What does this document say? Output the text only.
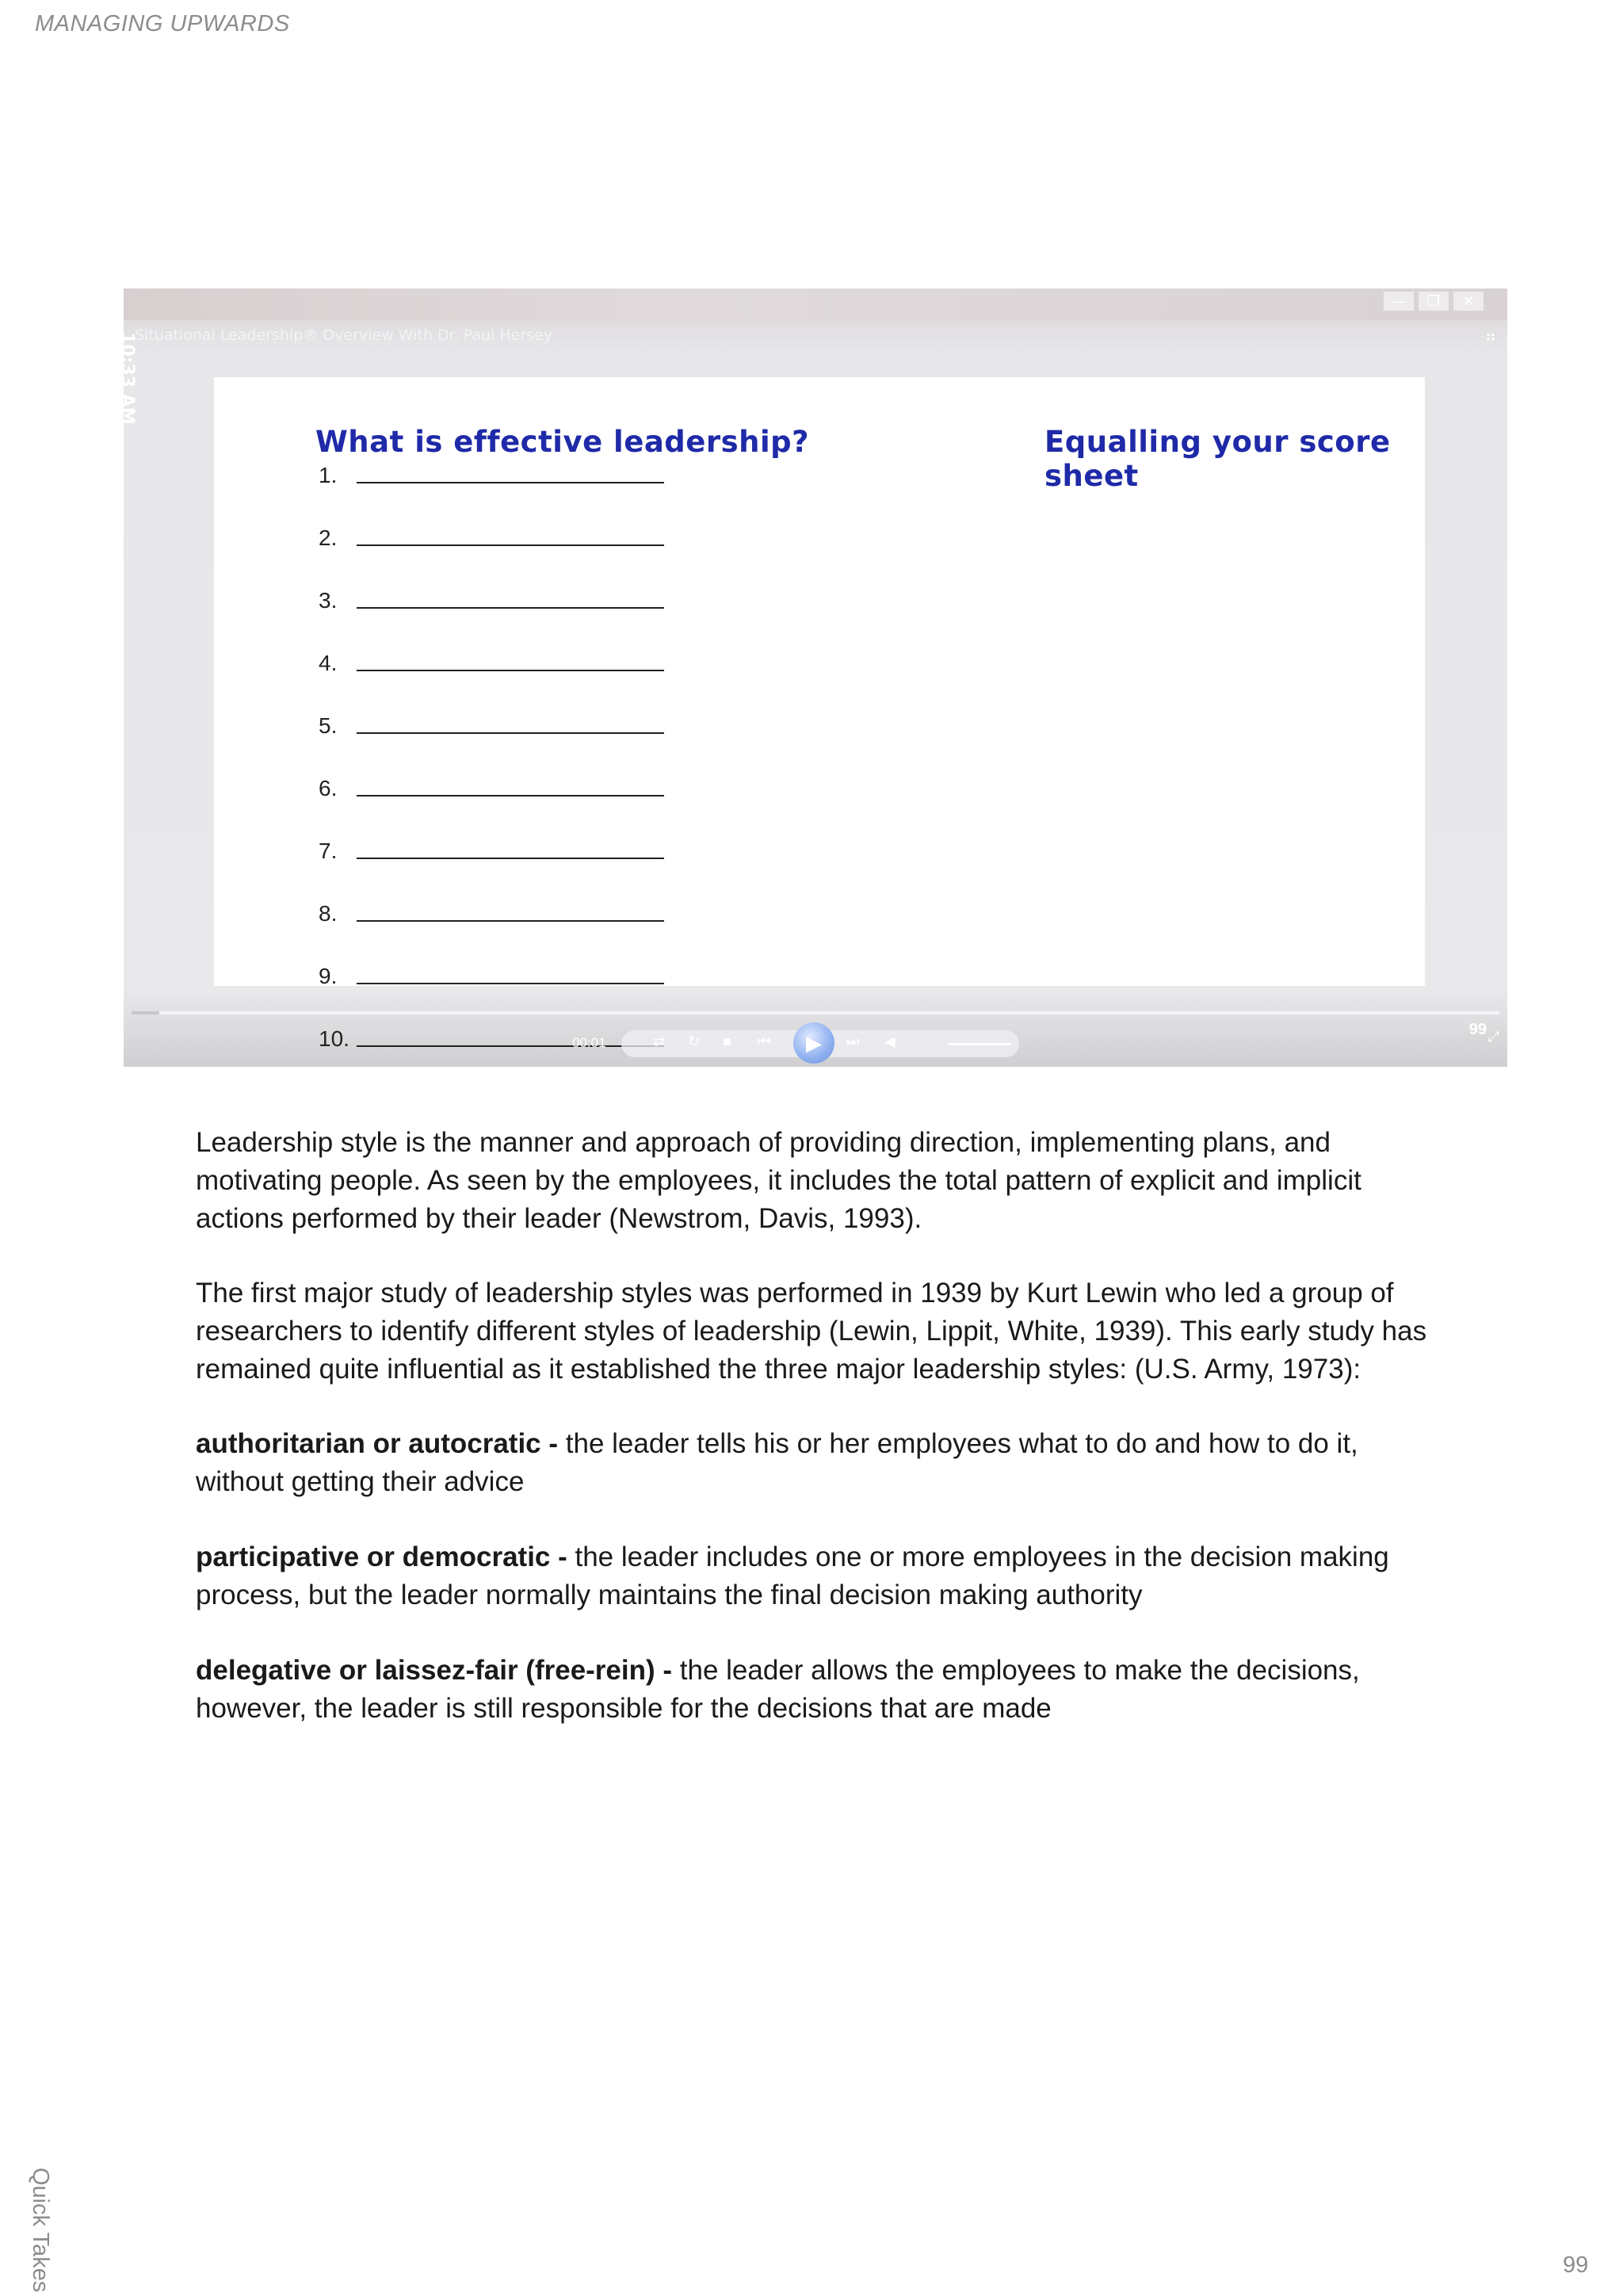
MANAGING UPWARDS
—	❐	✕
10:33 AM
Situational Leadership® Overview With Dr. Paul Hersey	⠶
What is effective leadership?	Equalling your score sheet
1.
2.
3.
4.
5.
6.
7.
8.
9.
10.	00:01	⇄ ↻ ■ ⏮	▶	⏭ ◀
99 ⤢

Leadership style is the manner and approach of providing direction, implementing plans, and motivating people. As seen by the employees, it includes the total pattern of explicit and implicit actions performed by their leader (Newstrom, Davis, 1993).

The first major study of leadership styles was performed in 1939 by Kurt Lewin who led a group of researchers to identify different styles of leadership (Lewin, Lippit, White, 1939). This early study has remained quite influential as it established the three major leadership styles: (U.S. Army, 1973):

authoritarian or autocratic - the leader tells his or her employees what to do and how to do it, without getting their advice

participative or democratic - the leader includes one or more employees in the decision making process, but the leader normally maintains the final decision making authority

delegative or laissez-fair (free-rein) - the leader allows the employees to make the decisions, however, the leader is still responsible for the decisions that are made

Quick Takes	99
